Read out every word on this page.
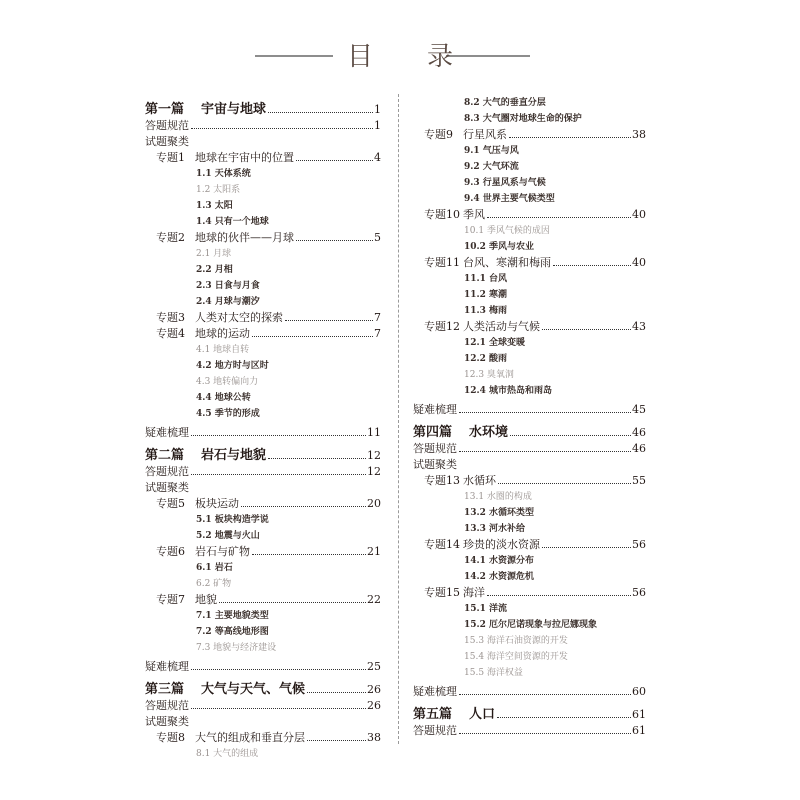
目 录
第一篇	宇宙与地球	1
答题规范	1
试题聚类
专题1 地球在宇宙中的位置	4
1.1 天体系统
1.2 太阳系
1.3 太阳
1.4 只有一个地球
专题2 地球的伙伴——月球	5
2.1 月球
2.2 月相
2.3 日食与月食
2.4 月球与潮汐
专题3 人类对太空的探索	7
专题4 地球的运动	7
4.1 地球自转
4.2 地方时与区时
4.3 地转偏向力
4.4 地球公转
4.5 季节的形成
疑难梳理	11
第二篇	岩石与地貌	12
答题规范	12
试题聚类
专题5 板块运动	20
5.1 板块构造学说
5.2 地震与火山
专题6 岩石与矿物	21
6.1 岩石
6.2 矿物
专题7 地貌	22
7.1 主要地貌类型
7.2 等高线地形图
7.3 地貌与经济建设
疑难梳理	25
第三篇	大气与天气、气候	26
答题规范	26
试题聚类
专题8 大气的组成和垂直分层	38
8.1 大气的组成
8.2 大气的垂直分层
8.3 大气圈对地球生命的保护
专题9 行星风系	38
9.1 气压与风
9.2 大气环流
9.3 行星风系与气候
9.4 世界主要气候类型
专题10 季风	40
10.1 季风气候的成因
10.2 季风与农业
专题11 台风、寒潮和梅雨	40
11.1 台风
11.2 寒潮
11.3 梅雨
专题12 人类活动与气候	43
12.1 全球变暖
12.2 酸雨
12.3 臭氧洞
12.4 城市热岛和雨岛
疑难梳理	45
第四篇	水环境	46
答题规范	46
试题聚类
专题13 水循环	55
13.1 水圈的构成
13.2 水循环类型
13.3 河水补给
专题14 珍贵的淡水资源	56
14.1 水资源分布
14.2 水资源危机
专题15 海洋	56
15.1 洋流
15.2 厄尔尼诺现象与拉尼娜现象
15.3 海洋石油资源的开发
15.4 海洋空间资源的开发
15.5 海洋权益
疑难梳理	60
第五篇	人口	61
答题规范	61
